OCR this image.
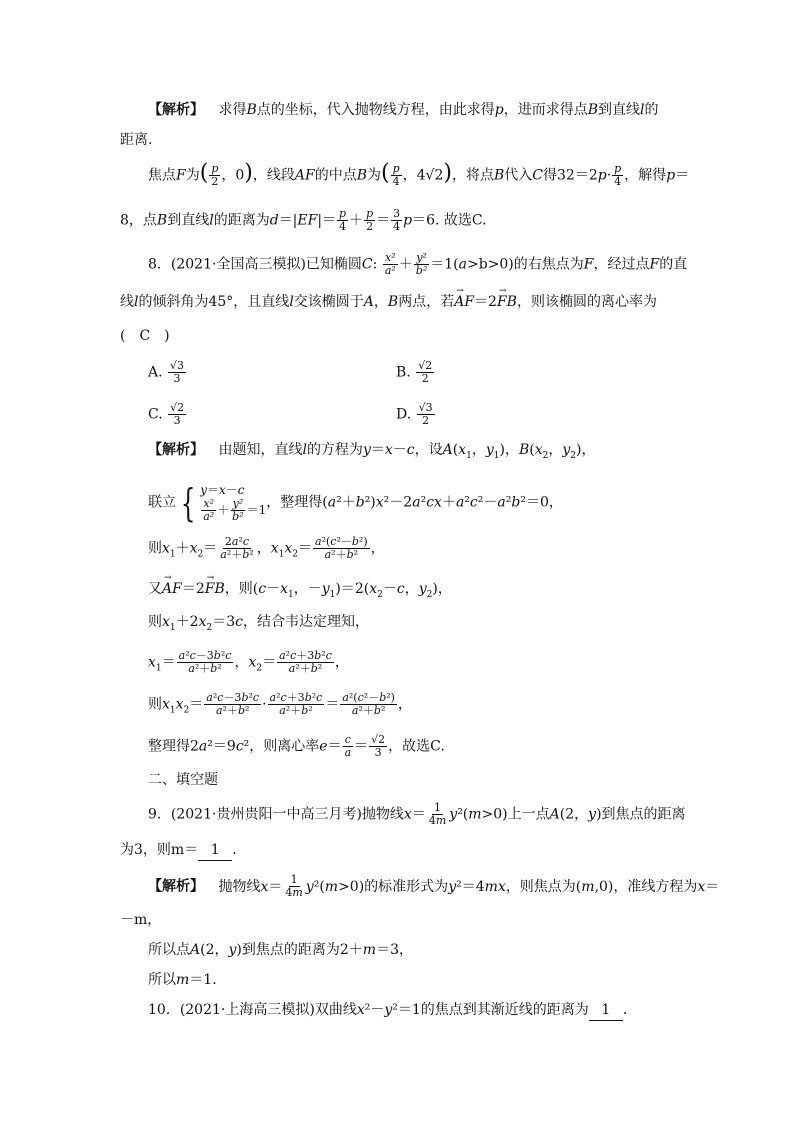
【解析】 求得B点的坐标，代入抛物线方程，由此求得p，进而求得点B到直线l的
距离.
焦点F为( $\frac{p}{2}$ ，0)，线段AF的中点B为( $\frac{p}{4}$ ，4√2)，将点B代入C得$32=2p\cdot \frac{p}{4}$ ，解得p＝
8，点B到直线l的距离为$d=|EF|= \frac{p}{4} + \frac{p}{2} = \frac{3}{4} p=6$. 故选C.
8．(2021·全国高三模拟)已知椭圆C: $\frac{\text{x²}}{\text{a²}} + \frac{\text{y²}}{\text{b²}} =1(a>b>0)$的右焦点为F，经过点F的直
线l的倾斜角为45°，且直线l交该椭圆于A，B两点，若→ AF＝2→ FB，则该椭圆的离心率为
(　C　)
A. $\frac{√3}{3}$	B. $\frac{√2}{2}$
C. $\frac{√2}{3}$	D. $\frac{√3}{2}$
【解析】 由题知，直线l的方程为y＝x－c，设$A(x_1$，$y_1$)，$B(x_2$，$y_2$)，
联立 { y＝x－c
$\frac{\text{x²}}{\text{a²}} + \frac{\text{y²}}{\text{b²}} =1$ ，整理得(a²＋b²)x²－2a²cx＋a²c²－a²b²＝0，
则$x_1+x_2= \frac{\text{2a²c}}{\text{a²＋b²}}$ ，$x_1x_2= \frac{\text{a²(c²－b²)}}{\text{a²＋b²}}$ ，
又→ AF＝2→ FB，则($c-x_1$，$-y_1)=2(x_2-c$，$y_2$)，
则$x_1+2x_2=3c$，结合韦达定理知，
$x_1= \frac{\text{a²c－3b²c}}{\text{a²＋b²}}$ ，$x_2= \frac{\text{a²c＋3b²c}}{\text{a²＋b²}}$ ，
则$x_1x_2= \frac{\text{a²c－3b²c}}{\text{a²＋b²}} \cdot \frac{\text{a²c＋3b²c}}{\text{a²＋b²}} = \frac{\text{a²(c²－b²)}}{\text{a²＋b²}}$ ，
整理得2a²＝9c²，则离心率$e= \frac{c}{a} = \frac{√2}{3}$ ，故选C.
二、填空题
9．(2021·贵州贵阳一中高三月考)抛物线$x= \frac{1}{4m} y^2(m>0)$上一点A(2，y)到焦点的距离
为3，则m＝ 1 .
【解析】 抛物线$x= \frac{1}{4m} y^2(m>0)$的标准形式为y²＝4mx，则焦点为(m,0)，准线方程为x＝
－m，
所以点A(2，y)到焦点的距离为2＋m＝3，
所以m＝1.
10．(2021·上海高三模拟)双曲线x²－y²＝1的焦点到其渐近线的距离为 1 .
